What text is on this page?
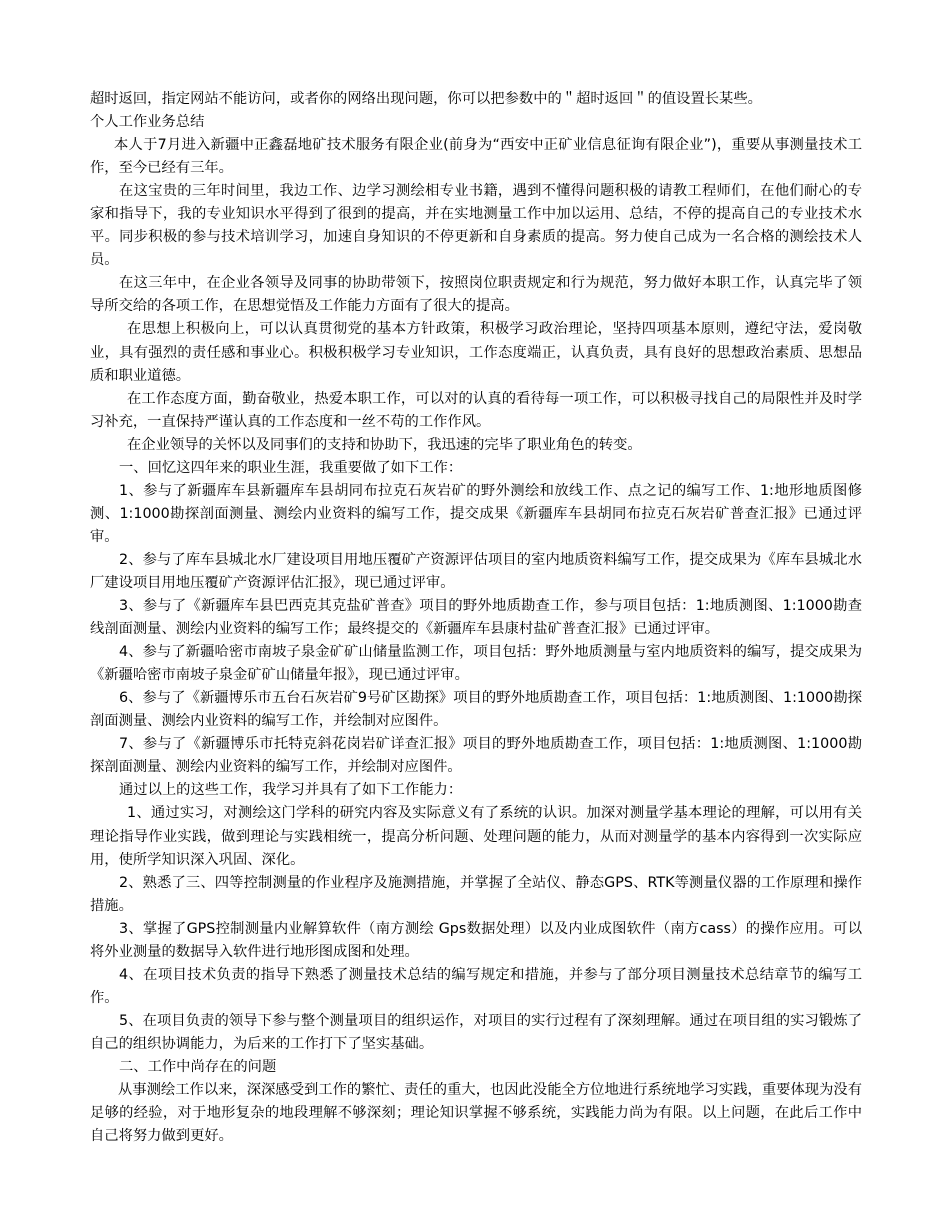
超时返回，指定网站不能访问，或者你的网络出现问题，你可以把参数中的＂超时返回＂的值设置长某些。

个人工作业务总结

本人于7月进入新疆中正鑫磊地矿技术服务有限企业(前身为“西安中正矿业信息征询有限企业”)，重要从事测量技术工作，至今已经有三年。

在这宝贵的三年时间里，我边工作、边学习测绘相专业书籍，遇到不懂得问题积极的请教工程师们，在他们耐心的专家和指导下，我的专业知识水平得到了很到的提高，并在实地测量工作中加以运用、总结，不停的提高自己的专业技术水平。同步积极的参与技术培训学习，加速自身知识的不停更新和自身素质的提高。努力使自己成为一名合格的测绘技术人员。

在这三年中，在企业各领导及同事的协助带领下，按照岗位职责规定和行为规范，努力做好本职工作，认真完毕了领导所交给的各项工作，在思想觉悟及工作能力方面有了很大的提高。

在思想上积极向上，可以认真贯彻党的基本方针政策，积极学习政治理论，坚持四项基本原则，遵纪守法，爱岗敬业，具有强烈的责任感和事业心。积极积极学习专业知识，工作态度端正，认真负责，具有良好的思想政治素质、思想品质和职业道德。

在工作态度方面，勤奋敬业，热爱本职工作，可以对的认真的看待每一项工作，可以积极寻找自己的局限性并及时学习补充，一直保持严谨认真的工作态度和一丝不苟的工作作风。

在企业领导的关怀以及同事们的支持和协助下，我迅速的完毕了职业角色的转变。

一、回忆这四年来的职业生涯，我重要做了如下工作：

1、参与了新疆库车县新疆库车县胡同布拉克石灰岩矿的野外测绘和放线工作、点之记的编写工作、1:地形地质图修测、1:1000勘探剖面测量、测绘内业资料的编写工作，提交成果《新疆库车县胡同布拉克石灰岩矿普查汇报》已通过评审。

2、参与了库车县城北水厂建设项目用地压覆矿产资源评估项目的室内地质资料编写工作，提交成果为《库车县城北水厂建设项目用地压覆矿产资源评估汇报》，现已通过评审。

3、参与了《新疆库车县巴西克其克盐矿普查》项目的野外地质勘查工作，参与项目包括：1:地质测图、1:1000勘查线剖面测量、测绘内业资料的编写工作；最终提交的《新疆库车县康村盐矿普查汇报》已通过评审。

4、参与了新疆哈密市南坡子泉金矿矿山储量监测工作，项目包括：野外地质测量与室内地质资料的编写，提交成果为《新疆哈密市南坡子泉金矿矿山储量年报》，现已通过评审。

6、参与了《新疆博乐市五台石灰岩矿9号矿区勘探》项目的野外地质勘查工作，项目包括：1:地质测图、1:1000勘探剖面测量、测绘内业资料的编写工作，并绘制对应图件。

7、参与了《新疆博乐市托特克斜花岗岩矿详查汇报》项目的野外地质勘查工作，项目包括：1:地质测图、1:1000勘探剖面测量、测绘内业资料的编写工作，并绘制对应图件。

通过以上的这些工作，我学习并具有了如下工作能力：

1、通过实习，对测绘这门学科的研究内容及实际意义有了系统的认识。加深对测量学基本理论的理解，可以用有关理论指导作业实践，做到理论与实践相统一，提高分析问题、处理问题的能力，从而对测量学的基本内容得到一次实际应用，使所学知识深入巩固、深化。

2、熟悉了三、四等控制测量的作业程序及施测措施，并掌握了全站仪、静态GPS、RTK等测量仪器的工作原理和操作措施。

3、掌握了GPS控制测量内业解算软件（南方测绘 Gps数据处理）以及内业成图软件（南方cass）的操作应用。可以将外业测量的数据导入软件进行地形图成图和处理。

4、在项目技术负责的指导下熟悉了测量技术总结的编写规定和措施，并参与了部分项目测量技术总结章节的编写工作。

5、在项目负责的领导下参与整个测量项目的组织运作，对项目的实行过程有了深刻理解。通过在项目组的实习锻炼了自己的组织协调能力，为后来的工作打下了坚实基础。

二、工作中尚存在的问题

从事测绘工作以来，深深感受到工作的繁忙、责任的重大，也因此没能全方位地进行系统地学习实践，重要体现为没有足够的经验，对于地形复杂的地段理解不够深刻；理论知识掌握不够系统，实践能力尚为有限。以上问题，在此后工作中自己将努力做到更好。
